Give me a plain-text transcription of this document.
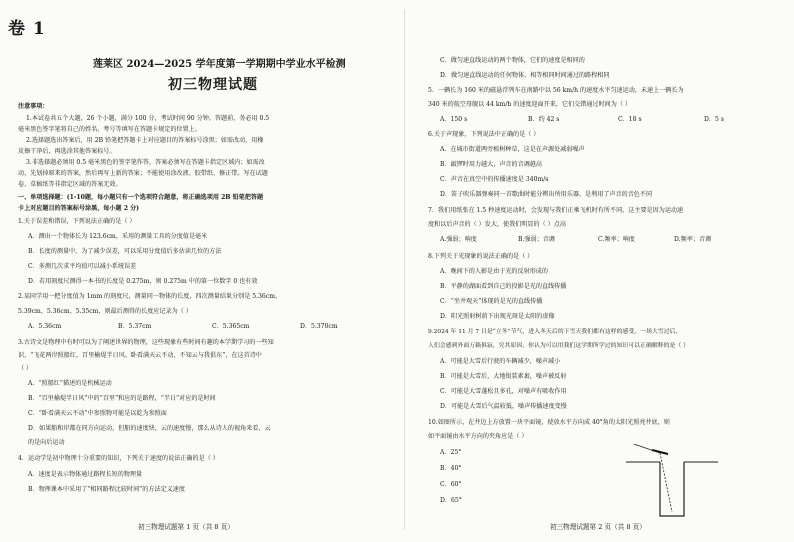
卷 1
莲莱区 2024—2025 学年度第一学期期中学业水平检测
初三物理试题
注意事项：
1.本试卷共五个大题，26 个小题，满分 100 分，考试时间 90 分钟。答题前，务必用 0.5
毫米黑色签字笔将自己的姓名、考号等填写在答题卡规定的位置上。
2.选择题选出答案后，用 2B 铅笔把答题卡上对应题目的答案标号涂黑；如需改动，用橡
皮擦干净后，再选涂其他答案标号。
3.非选择题必须用 0.5 毫米黑色的签字笔作答，答案必须写在答题卡指定区域内；如需改
动，先划掉原来的答案，然后再写上新的答案；不能使用涂改液、胶带纸、修正带。写在试题
卷、草稿纸等非指定区域的答案无效。
一、单项选择题：(1-10题，每小题只有一个选项符合题意，将正确选项用 2B 铅笔把答题
卡上对应题目的答案标号涂黑，每小题 2 分)
1.关于误差和错误，下列说法正确的是（ ）
A．测出一个物体长为 123.6cm，采用的测量工具的分度值是毫米
B．长度的测量中，为了减少误差，可以采用分度值后多估读几位的方法
C．多测几次求平均值可以减小系统误差
D．若用刻度尺测得一本书的长度是 0.275m，则 0.275m 中的第一位数字 0 也有效
2.某同学用一把分度值为 1mm 的刻度尺，测量同一物体的长度，四次测量结果分别是 5.36cm、
5.39cm、5.36cm、5.35cm，则最后测得的长度应记录为（ ）
A．5.36cm	B．5.37cm	C．5.365cm	D．5.370cm
3.古诗文是物理中有时可以为了阐述世界的物理，这些现象有些时间有趣的本学期学习的一些知
识，“飞花两岸照船红，百里榆堤半日风。卧看满天云不动，不知云与我俱东”，在这首诗中
（ ）
A．“照船红”描述的是机械运动
B．“百里榆堤半日风”中的“百里”和应的是路程，“半日”对应的是时间
C．“卧看满天云不动”中参照物可能是以乾为参照面
D．如果船和岸都在同方向运动，但船的速度快，云的速度慢，那么从诗人的视角来看，云
的是向后运动
4．运动学是初中物理十分重要的知识，下列关于速度的说法正确的是（ ）
A．速度是表示物体通过路程长短的物理量
B．物理课本中采用了“相同路程比较时间”的方法定义速度
初三物理试题第 1 页（共 8 页）
C．做匀速直线运动的两个物体，它们的速度是相同的
D．做匀速直线运动的任何物体，相等相同时间通过的路程相同
5．一辆长为 160 米的磁悬浮列车在南路中以 56 km/h 的速度水平匀速运动，未速上一辆长为
340 米的航空母舰以 44 km/h 的速度迎面开来，它们交错通过时间为（ ）
A．150 s	B．约 42 s	C．18 s	D．5 s
6.关于声现象，下列说法中正确的是（ ）
A．在城市街道两旁植树种草，这是在声源处减弱噪声
B．敲锣时用力越大，声音的音调越高
C．声音在真空中的传播速度是 340m/s
D．笛子吹乐器弹奏同一首歌曲时能分辨出所用乐器，是利用了声音的音色不同
7．我们用纸张在 1.5 秒速度运动时，会发现与我们正乘飞机时有所不同，这主要是因为运动速
度和以后声音的（ ）发大，使我们明显的（ ）点高
A.强弱；响度	B.强弱；音调	C.频率；响度	D.频率；音调
8.下列关于光现象的说法正确的是（ ）
A．晚间下的人影是由于光的反射形成的
B．平静的湖面看到自己的投影是光的直线传播
C．“坐井观天”体现的是光的直线传播
D．阳光照射树荫下出现光斑是太阳的虚像
9.2024 年 11 月 7 日是“立冬”节气，进入冬天后的下雪天我们都有这样的感受，一场大雪过后，
人们会感到外面万籁俱寂，究其原因，你认为可以用我们这学期所学过的知识可以正确解释的是（ ）
A．可能是大雪后行驶的车辆减少，噪声减小
B．可能是大雪后，大地银装素裹，噪声被反射
C．可能是大雪蓬松且多孔，对噪声有吸收作用
D．可能是大雪后气温较低，噪声传播速度变慢
10.如图所示，在井边上方放置一块平面镜，使放水平方向成 40°角的太阳光照亮井底，则
如平面镜由水平方向的夹角应是（ ）
A．25°
B．40°
C．60°
D．65°
初三物理试题第 2 页（共 8 页）
